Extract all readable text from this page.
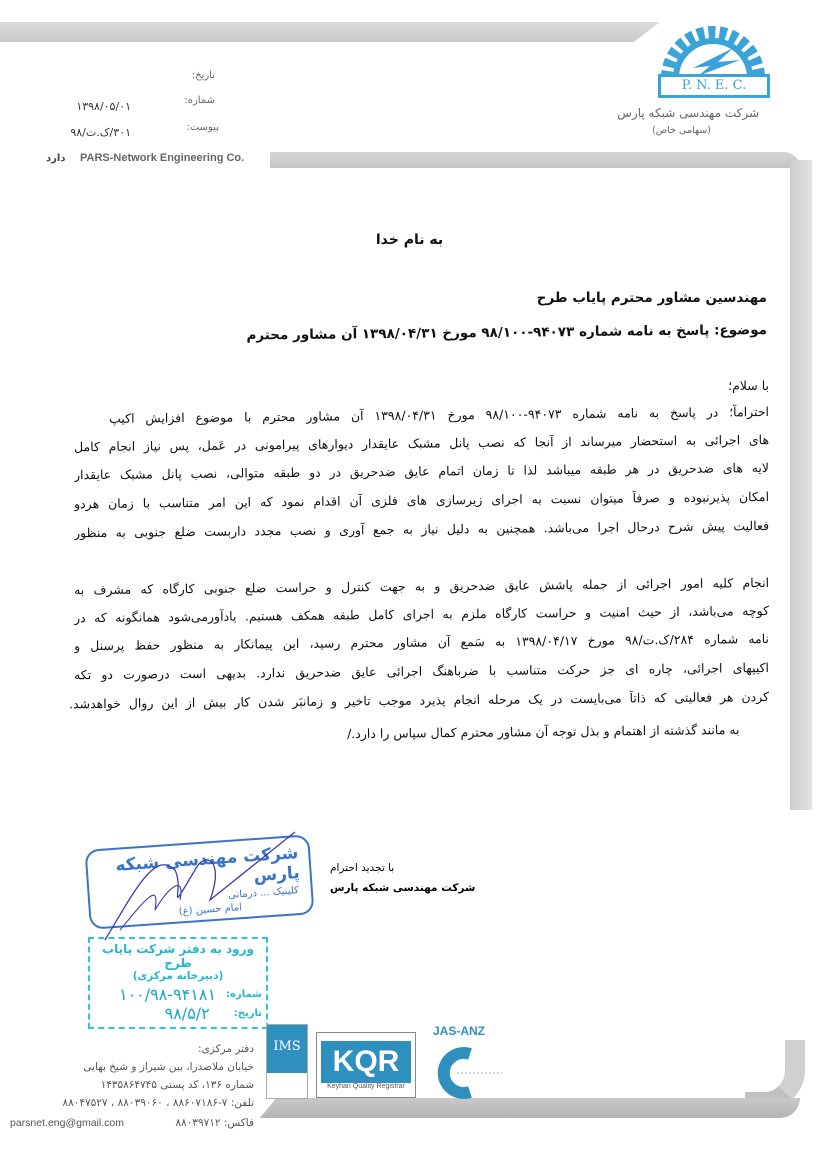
P. N. E. C.
شرکت مهندسی شبکه پارس
(سهامی خاص)
تاریخ:
شماره:
پیوست:
۱۳۹۸/۰۵/۰۱
۳۰۱/ک.ت/۹۸
PARS-Network Engineering Co.
دارد
به نام خدا
مهندسین مشاور محترم پایاب طرح
موضوع: پاسخ به نامه شماره ۹۴۰۷۳-۹۸/۱۰۰ مورخ ۱۳۹۸/۰۴/۳۱ آن مشاور محترم
با سلام؛
احتراماً؛ در پاسخ به نامه شماره ۹۴۰۷۳-۹۸/۱۰۰ مورخ ۱۳۹۸/۰۴/۳۱ آن مشاور محترم با موضوع افزایش اکیپ
های اجرائی به استحضار میرساند از آنجا که نصب پانل مشبک عایقدار دیوارهای پیرامونی در عَمل، پس نیاز انجام کامل
لایه های ضدحریق در هر طبقه میباشد لذا تا زمان اتمام عایق ضدحریق در دو طبقه متوالی، نصب پانل مشبک عایقدار
امکان پذیرنبوده و صرفاً میتوان نسبت به اجرای زیرسازی های فلزی آن اقدام نمود که این امر متناسب با زمان هردو
فعالیت پیش شرح درحال اجرا می‌باشد. همچنین به دلیل نیاز به جمع آوری و نصب مجدد داربست ضلع جنوبی به منظور
انجام کلیه امور اجرائی از جمله پاشش عایق ضدحریق و به جهت کنترل و حراست ضلع جنوبی کارگاه که مشرف به
کوچه می‌باشد، از حیث امنیت و حراست کارگاه ملزم به اجرای کامل طبقه همکف هستیم. یادآورمی‌شود همانگونه که در
نامه شماره ۲۸۴/ک.ت/۹۸ مورخ ۱۳۹۸/۰۴/۱۷ به سَمع آن مشاور محترم رسید، این پیمانکار به منظور حفظ پرسنل و
اکیپهای اجرائی، چاره ای جز حرکت متناسب با ضرباهنگ اجرائی عایق ضدحریق ندارد. بدیهی است درصورت دو تکه
کردن هر فعالیتی که ذاتاً می‌بایست در یک مرحله انجام پذیرد موجب تاخیر و زمانبَر شدن کار بیش از این روال خواهدشد.
به مانند گذشته از اهتمام و بذل توجه آن مشاور محترم کمال سپاس را دارد./
شرکت مهندسی شبکه پارس
کلینیک ... درمانی
امام حسین (ع)
با تجدید احترام
شرکت مهندسی شبکه پارس
ورود به دفتر شرکت پایاب طرح
(دبیرخانه مرکزی)
شماره:
۱۰۰/۹۸-۹۴۱۸۱
تاریخ:
۹۸/۵/۲
دفتر مرکزی:
خیابان ملاصدرا، بین شیراز و شیخ بهایی
شماره ۱۳۶، کد پستی ۱۴۳۵۸۶۴۷۴۵
تلفن: ۷-۸۸۶۰۷۱۸۶ ، ۸۸۰۳۹۰۶۰ ، ۸۸۰۴۷۵۲۷
فاکس: ۸۸۰۳۹۷۱۲
parsnet.eng@gmail.com
IMS	KQR
Keyhan Quality Registrar
JAS-ANZ
